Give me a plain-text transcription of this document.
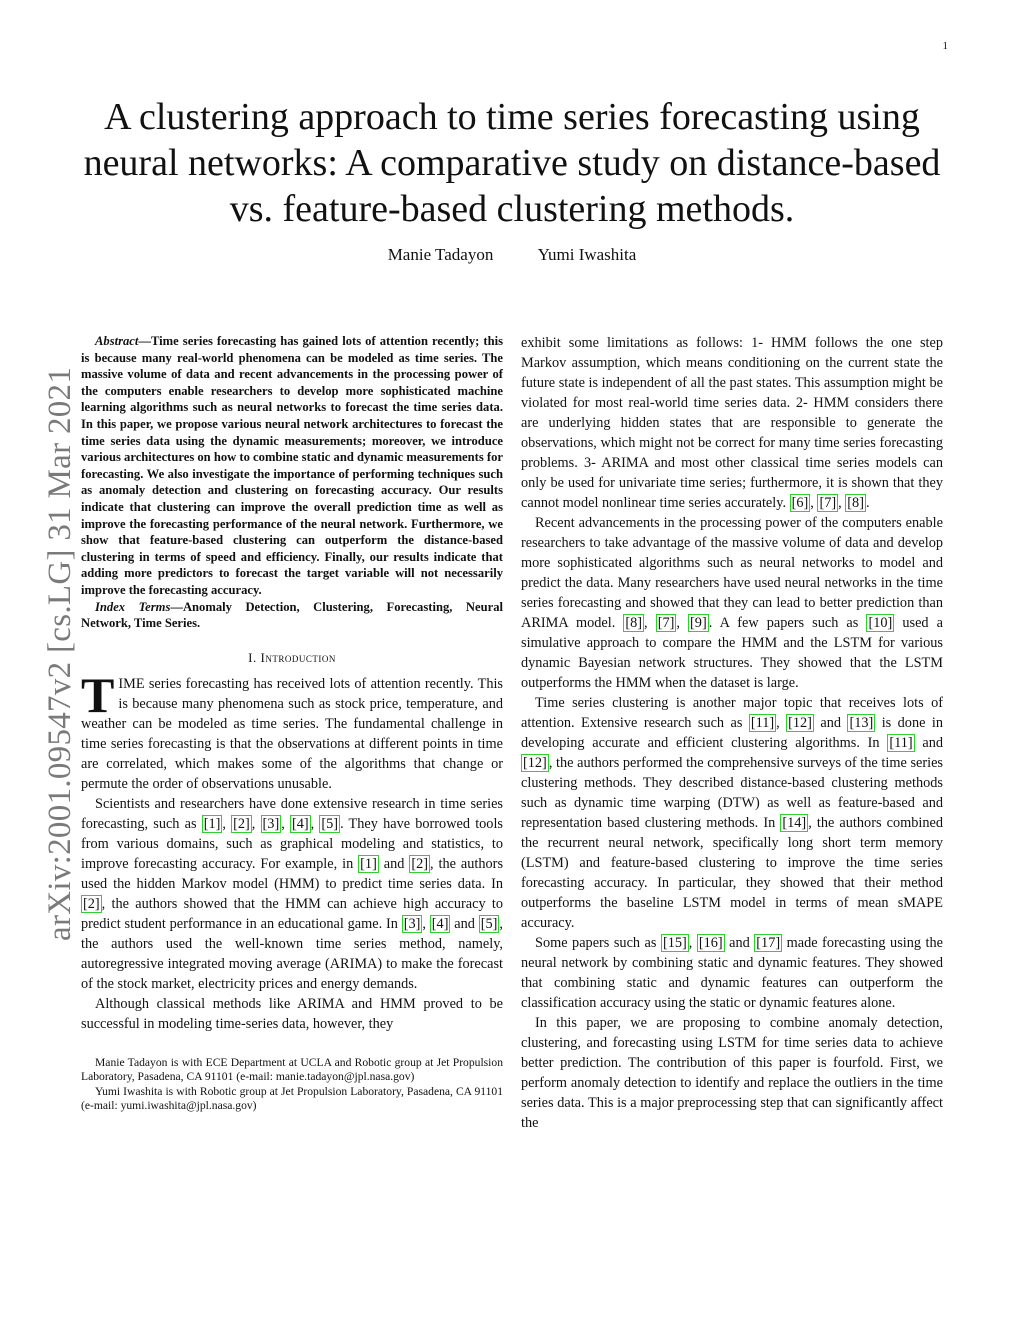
1
arXiv:2001.09547v2 [cs.LG] 31 Mar 2021
A clustering approach to time series forecasting using neural networks: A comparative study on distance-based vs. feature-based clustering methods.
Manie Tadayon	Yumi Iwashita

Abstract—Time series forecasting has gained lots of attention recently; this is because many real-world phenomena can be modeled as time series. The massive volume of data and recent advancements in the processing power of the computers enable researchers to develop more sophisticated machine learning algorithms such as neural networks to forecast the time series data. In this paper, we propose various neural network architectures to forecast the time series data using the dynamic measurements; moreover, we introduce various architectures on how to combine static and dynamic measurements for forecasting. We also investigate the importance of performing techniques such as anomaly detection and clustering on forecasting accuracy. Our results indicate that clustering can improve the overall prediction time as well as improve the forecasting performance of the neural network. Furthermore, we show that feature-based clustering can outperform the distance-based clustering in terms of speed and efficiency. Finally, our results indicate that adding more predictors to forecast the target variable will not necessarily improve the forecasting accuracy.

Index Terms—Anomaly Detection, Clustering, Forecasting, Neural Network, Time Series.

I. Introduction

TIME series forecasting has received lots of attention recently. This is because many phenomena such as stock price, temperature, and weather can be modeled as time series. The fundamental challenge in time series forecasting is that the observations at different points in time are correlated, which makes some of the algorithms that change or permute the order of observations unusable.

Scientists and researchers have done extensive research in time series forecasting, such as [1] , [2] , [3] , [4] , [5] . They have borrowed tools from various domains, such as graphical modeling and statistics, to improve forecasting accuracy. For example, in [1] and [2] , the authors used the hidden Markov model (HMM) to predict time series data. In [2] , the authors showed that the HMM can achieve high accuracy to predict student performance in an educational game. In [3] , [4] and [5] , the authors used the well-known time series method, namely, autoregressive integrated moving average (ARIMA) to make the forecast of the stock market, electricity prices and energy demands.

Although classical methods like ARIMA and HMM proved to be successful in modeling time-series data, however, they

Manie Tadayon is with ECE Department at UCLA and Robotic group at Jet Propulsion Laboratory, Pasadena, CA 91101 (e-mail: manie.tadayon@jpl.nasa.gov)

Yumi Iwashita is with Robotic group at Jet Propulsion Laboratory, Pasadena, CA 91101 (e-mail: yumi.iwashita@jpl.nasa.gov)

exhibit some limitations as follows: 1- HMM follows the one step Markov assumption, which means conditioning on the current state the future state is independent of all the past states. This assumption might be violated for most real-world time series data. 2- HMM considers there are underlying hidden states that are responsible to generate the observations, which might not be correct for many time series forecasting problems. 3- ARIMA and most other classical time series models can only be used for univariate time series; furthermore, it is shown that they cannot model nonlinear time series accurately. [6] , [7] , [8] .

Recent advancements in the processing power of the computers enable researchers to take advantage of the massive volume of data and develop more sophisticated algorithms such as neural networks to model and predict the data. Many researchers have used neural networks in the time series forecasting and showed that they can lead to better prediction than ARIMA model. [8] , [7] , [9] . A few papers such as [10] used a simulative approach to compare the HMM and the LSTM for various dynamic Bayesian network structures. They showed that the LSTM outperforms the HMM when the dataset is large.

Time series clustering is another major topic that receives lots of attention. Extensive research such as [11] , [12] and [13] is done in developing accurate and efficient clustering algorithms. In [11] and [12] , the authors performed the comprehensive surveys of the time series clustering methods. They described distance-based clustering methods such as dynamic time warping (DTW) as well as feature-based and representation based clustering methods. In [14] , the authors combined the recurrent neural network, specifically long short term memory (LSTM) and feature-based clustering to improve the time series forecasting accuracy. In particular, they showed that their method outperforms the baseline LSTM model in terms of mean sMAPE accuracy.

Some papers such as [15] , [16] and [17] made forecasting using the neural network by combining static and dynamic features. They showed that combining static and dynamic features can outperform the classification accuracy using the static or dynamic features alone.

In this paper, we are proposing to combine anomaly detection, clustering, and forecasting using LSTM for time series data to achieve better prediction. The contribution of this paper is fourfold. First, we perform anomaly detection to identify and replace the outliers in the time series data. This is a major preprocessing step that can significantly affect the
